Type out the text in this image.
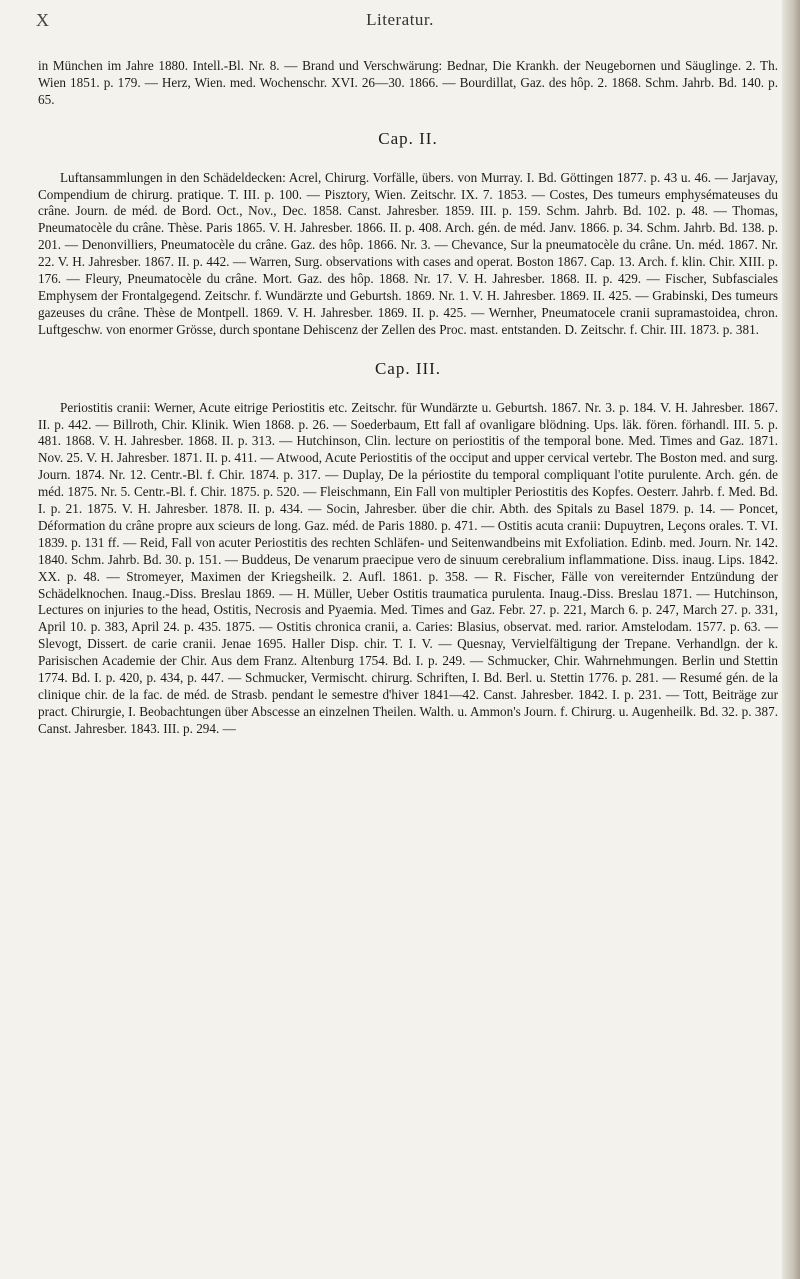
X	Literatur.

in München im Jahre 1880. Intell.-Bl. Nr. 8. — Brand und Verschwärung: Bednar, Die Krankh. der Neugebornen und Säuglinge. 2. Th. Wien 1851. p. 179. — Herz, Wien. med. Wochenschr. XVI. 26—30. 1866. — Bourdillat, Gaz. des hôp. 2. 1868. Schm. Jahrb. Bd. 140. p. 65.

Cap. II.

Luftansammlungen in den Schädeldecken: Acrel, Chirurg. Vorfälle, übers. von Murray. I. Bd. Göttingen 1877. p. 43 u. 46. — Jarjavay, Compendium de chirurg. pratique. T. III. p. 100. — Pisztory, Wien. Zeitschr. IX. 7. 1853. — Costes, Des tumeurs emphysémateuses du crâne. Journ. de méd. de Bord. Oct., Nov., Dec. 1858. Canst. Jahresber. 1859. III. p. 159. Schm. Jahrb. Bd. 102. p. 48. — Thomas, Pneumatocèle du crâne. Thèse. Paris 1865. V. H. Jahresber. 1866. II. p. 408. Arch. gén. de méd. Janv. 1866. p. 34. Schm. Jahrb. Bd. 138. p. 201. — Denonvilliers, Pneumatocèle du crâne. Gaz. des hôp. 1866. Nr. 3. — Chevance, Sur la pneumatocèle du crâne. Un. méd. 1867. Nr. 22. V. H. Jahresber. 1867. II. p. 442. — Warren, Surg. observations with cases and operat. Boston 1867. Cap. 13. Arch. f. klin. Chir. XIII. p. 176. — Fleury, Pneumatocèle du crâne. Mort. Gaz. des hôp. 1868. Nr. 17. V. H. Jahresber. 1868. II. p. 429. — Fischer, Subfasciales Emphysem der Frontalgegend. Zeitschr. f. Wundärzte und Geburtsh. 1869. Nr. 1. V. H. Jahresber. 1869. II. 425. — Grabinski, Des tumeurs gazeuses du crâne. Thèse de Montpell. 1869. V. H. Jahresber. 1869. II. p. 425. — Wernher, Pneumatocele cranii supramastoidea, chron. Luftgeschw. von enormer Grösse, durch spontane Dehiscenz der Zellen des Proc. mast. entstanden. D. Zeitschr. f. Chir. III. 1873. p. 381.

Cap. III.

Periostitis cranii: Werner, Acute eitrige Periostitis etc. Zeitschr. für Wundärzte u. Geburtsh. 1867. Nr. 3. p. 184. V. H. Jahresber. 1867. II. p. 442. — Billroth, Chir. Klinik. Wien 1868. p. 26. — Soederbaum, Ett fall af ovanligare blödning. Ups. läk. fören. förhandl. III. 5. p. 481. 1868. V. H. Jahresber. 1868. II. p. 313. — Hutchinson, Clin. lecture on periostitis of the temporal bone. Med. Times and Gaz. 1871. Nov. 25. V. H. Jahresber. 1871. II. p. 411. — Atwood, Acute Periostitis of the occiput and upper cervical vertebr. The Boston med. and surg. Journ. 1874. Nr. 12. Centr.-Bl. f. Chir. 1874. p. 317. — Duplay, De la périostite du temporal compliquant l'otite purulente. Arch. gén. de méd. 1875. Nr. 5. Centr.-Bl. f. Chir. 1875. p. 520. — Fleischmann, Ein Fall von multipler Periostitis des Kopfes. Oesterr. Jahrb. f. Med. Bd. I. p. 21. 1875. V. H. Jahresber. 1878. II. p. 434. — Socin, Jahresber. über die chir. Abth. des Spitals zu Basel 1879. p. 14. — Poncet, Déformation du crâne propre aux scieurs de long. Gaz. méd. de Paris 1880. p. 471. — Ostitis acuta cranii: Dupuytren, Leçons orales. T. VI. 1839. p. 131 ff. — Reid, Fall von acuter Periostitis des rechten Schläfen- und Seitenwandbeins mit Exfoliation. Edinb. med. Journ. Nr. 142. 1840. Schm. Jahrb. Bd. 30. p. 151. — Buddeus, De venarum praecipue vero de sinuum cerebralium inflammatione. Diss. inaug. Lips. 1842. XX. p. 48. — Stromeyer, Maximen der Kriegsheilk. 2. Aufl. 1861. p. 358. — R. Fischer, Fälle von vereiternder Entzündung der Schädelknochen. Inaug.-Diss. Breslau 1869. — H. Müller, Ueber Ostitis traumatica purulenta. Inaug.-Diss. Breslau 1871. — Hutchinson, Lectures on injuries to the head, Ostitis, Necrosis and Pyaemia. Med. Times and Gaz. Febr. 27. p. 221, March 6. p. 247, March 27. p. 331, April 10. p. 383, April 24. p. 435. 1875. — Ostitis chronica cranii, a. Caries: Blasius, observat. med. rarior. Amstelodam. 1577. p. 63. — Slevogt, Dissert. de carie cranii. Jenae 1695. Haller Disp. chir. T. I. V. — Quesnay, Vervielfältigung der Trepane. Verhandlgn. der k. Parisischen Academie der Chir. Aus dem Franz. Altenburg 1754. Bd. I. p. 249. — Schmucker, Chir. Wahrnehmungen. Berlin und Stettin 1774. Bd. I. p. 420, p. 434, p. 447. — Schmucker, Vermischt. chirurg. Schriften, I. Bd. Berl. u. Stettin 1776. p. 281. — Resumé gén. de la clinique chir. de la fac. de méd. de Strasb. pendant le semestre d'hiver 1841—42. Canst. Jahresber. 1842. I. p. 231. — Tott, Beiträge zur pract. Chirurgie, I. Beobachtungen über Abscesse an einzelnen Theilen. Walth. u. Ammon's Journ. f. Chirurg. u. Augenheilk. Bd. 32. p. 387. Canst. Jahresber. 1843. III. p. 294. —
